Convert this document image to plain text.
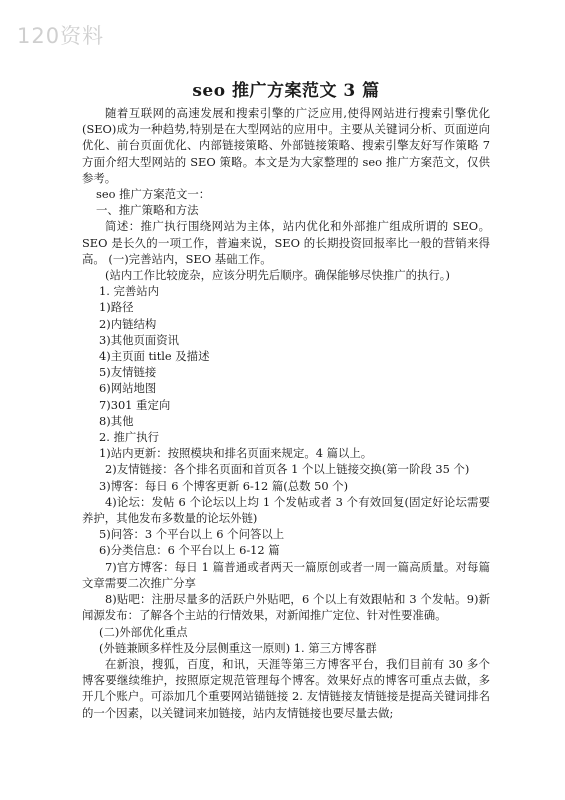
120资料
seo 推广方案范文 3 篇

随着互联网的高速发展和搜索引擎的广泛应用,使得网站进行搜索引擎优化(SEO)成为一种趋势,特别是在大型网站的应用中。主要从关键词分析、页面逆向优化、前台页面优化、内部链接策略、外部链接策略、搜索引擎友好写作策略 7 方面介绍大型网站的 SEO 策略。本文是为大家整理的 seo 推广方案范文，仅供参考。

seo 推广方案范文一：

一、推广策略和方法

简述：推广执行围绕网站为主体，站内优化和外部推广组成所谓的 SEO。SEO 是长久的一项工作，普遍来说，SEO 的长期投资回报率比一般的营销来得高。 (一)完善站内，SEO 基础工作。

(站内工作比较庞杂，应该分明先后顺序。确保能够尽快推广的执行。)

1. 完善站内

1)路径

2)内链结构

3)其他页面资讯

4)主页面 title 及描述

5)友情链接

6)网站地图

7)301 重定向

8)其他

2. 推广执行

1)站内更新：按照模块和排名页面来规定。4 篇以上。

2)友情链接：各个排名页面和首页各 1 个以上链接交换(第一阶段 35 个)

3)博客：每日 6 个博客更新 6-12 篇(总数 50 个)

4)论坛：发帖 6 个论坛以上均 1 个发帖或者 3 个有效回复(固定好论坛需要养护，其他发布多数量的论坛外链)

5)问答：3 个平台以上 6 个问答以上

6)分类信息：6 个平台以上 6-12 篇

7)官方博客：每日 1 篇普通或者两天一篇原创或者一周一篇高质量。对每篇文章需要二次推广分享

8)贴吧：注册尽量多的活跃户外贴吧，6 个以上有效跟帖和 3 个发帖。9)新闻源发布：了解各个主站的行情效果，对新闻推广定位、针对性要准确。

(二)外部优化重点

(外链兼顾多样性及分层侧重这一原则) 1. 第三方博客群

在新浪，搜狐，百度，和讯，天涯等第三方博客平台，我们目前有 30 多个博客要继续维护，按照原定规范管理每个博客。效果好点的博客可重点去做，多开几个账户。可添加几个重要网站锚链接 2. 友情链接友情链接是提高关键词排名的一个因素，以关键词来加链接，站内友情链接也要尽量去做;
